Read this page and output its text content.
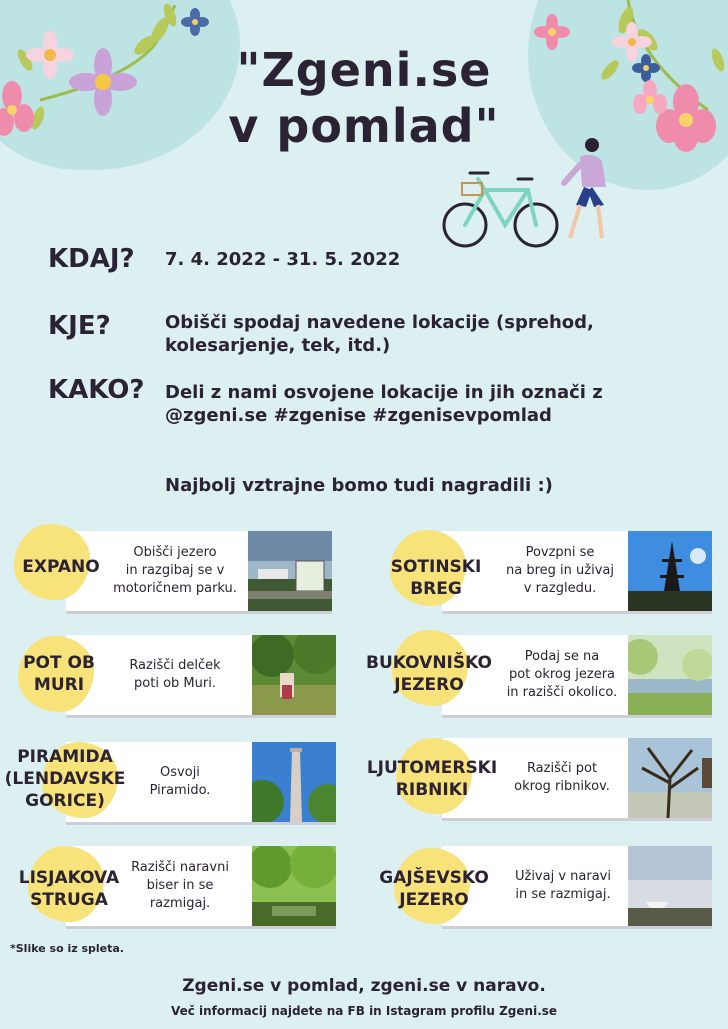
"Zgeni.se
v pomlad"
KDAJ? 7. 4. 2022 - 31. 5. 2022
KJE?	Obišči spodaj navedene lokacije (sprehod,
kolesarjenje, tek, itd.)
KAKO? Deli z nami osvojene lokacije in jih označi z
@zgeni.se #zgenise #zgenisevpomlad
Najbolj vztrajne bomo tudi nagradili :)
Obišči jezero
in razgibaj se v
motoričnem parku.
EXPANO
Povzpni se
na breg in uživaj
v razgledu.
SOTINSKI
BREG
Razišči delček
poti ob Muri.
POT OB
MURI
Podaj se na
pot okrog jezera
in razišči okolico.
BUKOVNIŠKO
JEZERO
Osvoji
Piramido.
PIRAMIDA
(LENDAVSKE
GORICE)
Razišči pot
okrog ribnikov.
LJUTOMERSKI
RIBNIKI
Razišči naravni
biser in se
razmigaj.
LISJAKOVA
STRUGA
Uživaj v naravi
in se razmigaj.
GAJŠEVSKO
JEZERO
*Slike so iz spleta.
Zgeni.se v pomlad, zgeni.se v naravo.
Več informacij najdete na FB in Istagram profilu Zgeni.se
